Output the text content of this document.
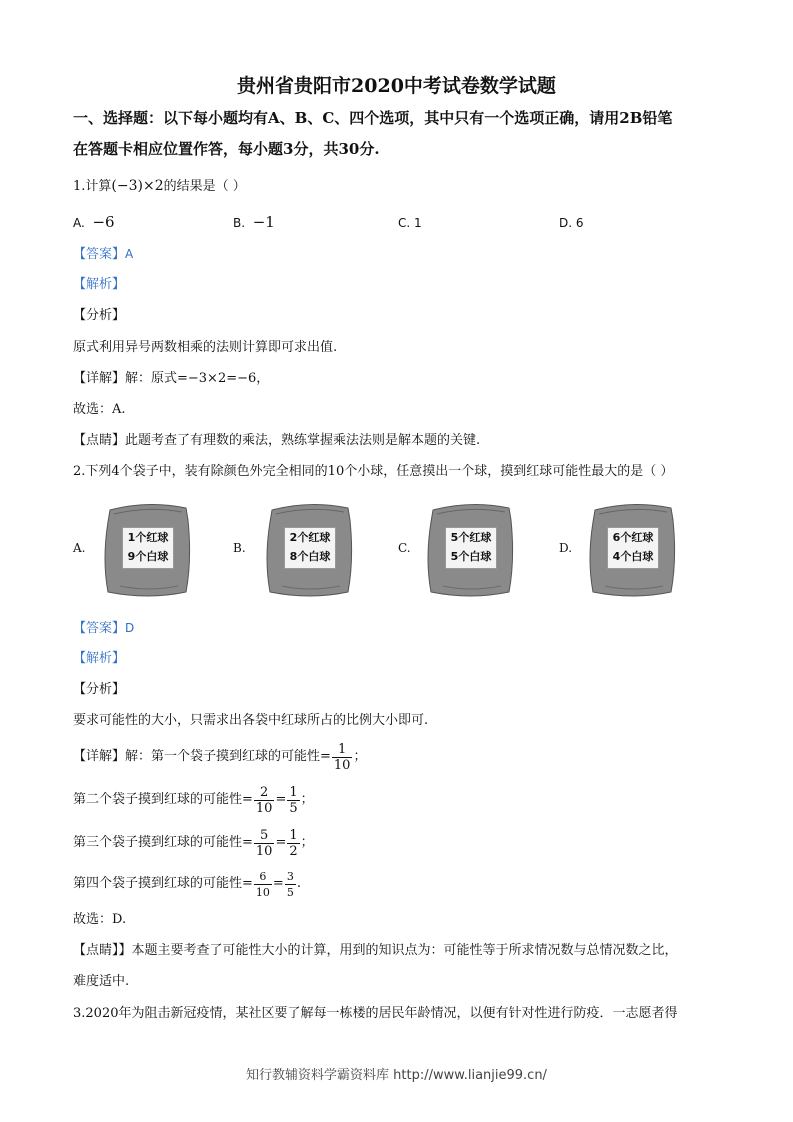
贵州省贵阳市2020中考试卷数学试题
一、选择题：以下每小题均有A、B、C、四个选项，其中只有一个选项正确，请用2B铅笔
在答题卡相应位置作答，每小题3分，共30分.
1.计算(−3)×2的结果是（ ）
A. −6	B. −1	C. 1	D. 6
【答案】A
【解析】
【分析】
原式利用异号两数相乘的法则计算即可求出值.
【详解】解：原式=−3×2=−6，
故选：A.
【点睛】此题考查了有理数的乘法，熟练掌握乘法法则是解本题的关键.
2.下列4个袋子中，装有除颜色外完全相同的10个小球，任意摸出一个球，摸到红球可能性最大的是（ ）
A.
1个红球
9个白球
B.
2个红球
8个白球
C.
5个红球
5个白球
D.
6个红球
4个白球
【答案】D
【解析】
【分析】
要求可能性的大小，只需求出各袋中红球所占的比例大小即可.
【详解】解：第一个袋子摸到红球的可能性= $\frac{1}{10}$ ；
第二个袋子摸到红球的可能性= $\frac{2}{10} = \frac{1}{5}$ ；
第三个袋子摸到红球的可能性= $\frac{5}{10} = \frac{1}{2}$ ；
第四个袋子摸到红球的可能性= $\frac{6}{10} = \frac{3}{5}$ .
故选：D.
【点睛】】本题主要考查了可能性大小的计算，用到的知识点为：可能性等于所求情况数与总情况数之比，
难度适中.
3.2020年为阻击新冠疫情，某社区要了解每一栋楼的居民年龄情况，以便有针对性进行防疫．一志愿者得
知行教辅资料学霸资料库 http://www.lianjie99.cn/
